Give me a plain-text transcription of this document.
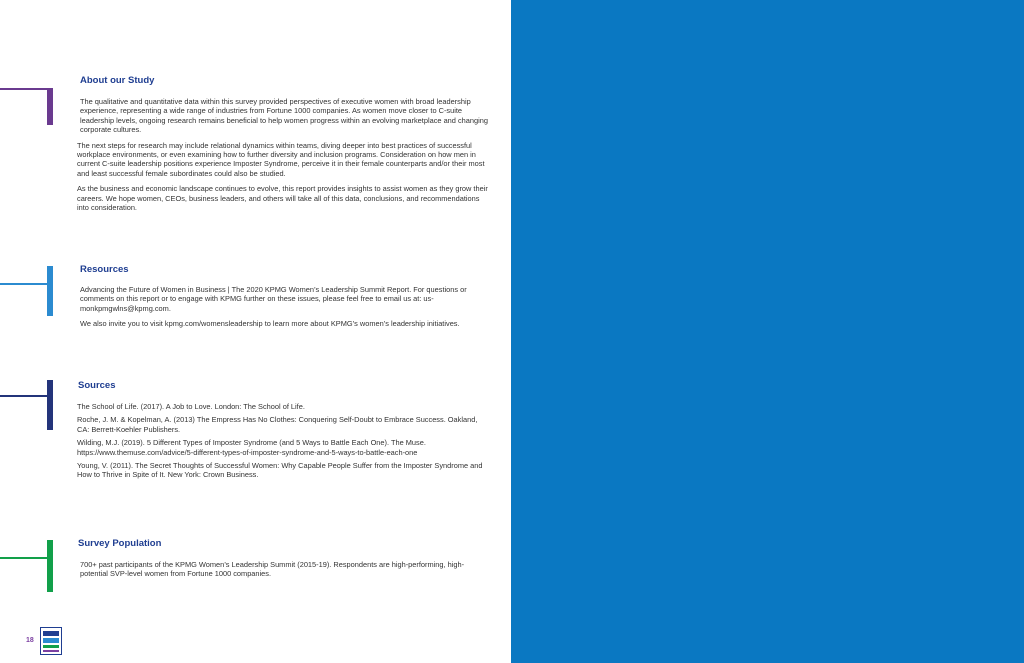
About our Study

The qualitative and quantitative data within this survey provided perspectives of executive women with broad leadership experience, representing a wide range of industries from Fortune 1000 companies. As women move closer to C-suite leadership levels, ongoing research remains beneficial to help women progress within an evolving marketplace and changing corporate cultures.

The next steps for research may include relational dynamics within teams, diving deeper into best practices of successful workplace environments, or even examining how to further diversity and inclusion programs. Consideration on how men in current C-suite leadership positions experience Imposter Syndrome, perceive it in their female counterparts and/or their most and least successful female subordinates could also be studied.

As the business and economic landscape continues to evolve, this report provides insights to assist women as they grow their careers. We hope women, CEOs, business leaders, and others will take all of this data, conclusions, and recommendations into consideration.

Resources

Advancing the Future of Women in Business | The 2020 KPMG Women’s Leadership Summit Report. For questions or comments on this report or to engage with KPMG further on these issues, please feel free to email us at: us-monkpmgwlns@kpmg.com.

We also invite you to visit kpmg.com/womensleadership to learn more about KPMG’s women’s leadership initiatives.

Sources

The School of Life. (2017). A Job to Love. London: The School of Life.

Roche, J. M. & Kopelman, A. (2013) The Empress Has No Clothes: Conquering Self-Doubt to Embrace Success. Oakland, CA: Berrett-Koehler Publishers.

Wilding, M.J. (2019). 5 Different Types of Imposter Syndrome (and 5 Ways to Battle Each One). The Muse. https://www.themuse.com/advice/5-different-types-of-imposter-syndrome-and-5-ways-to-battle-each-one

Young, V. (2011). The Secret Thoughts of Successful Women: Why Capable People Suffer from the Imposter Syndrome and How to Thrive in Spite of It. New York: Crown Business.

Survey Population

700+ past participants of the KPMG Women’s Leadership Summit (2015-19). Respondents are high-performing, high-potential SVP-level women from Fortune 1000 companies.

18
